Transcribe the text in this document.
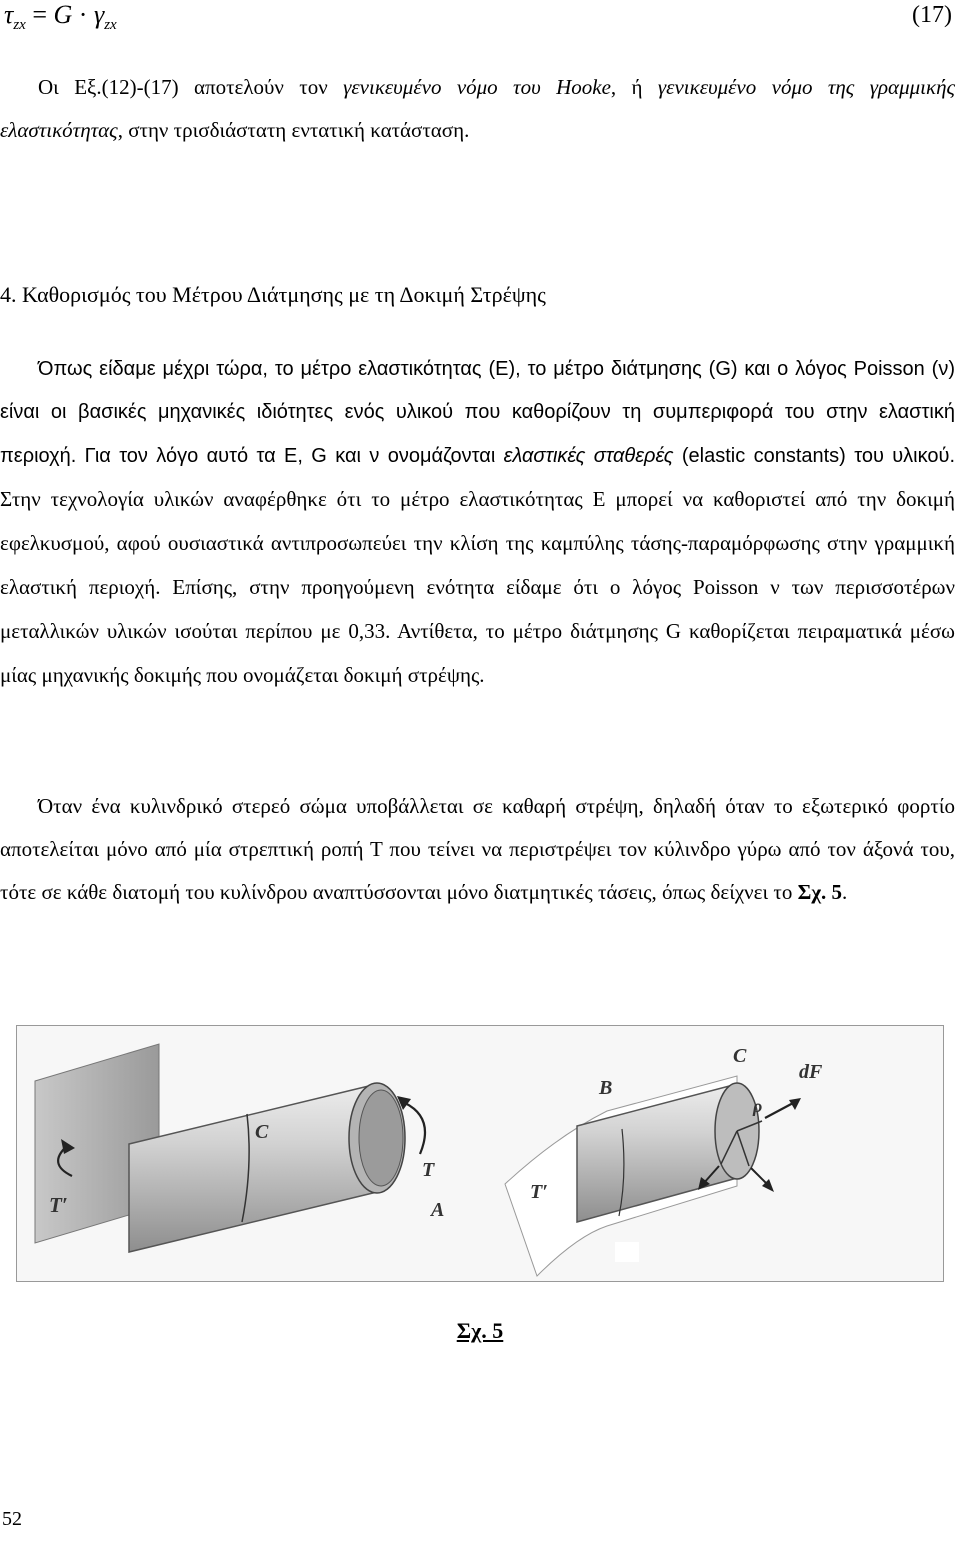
$\tau_{zx} = G \cdot \gamma_{zx}$	(17)

Οι Εξ.(12)-(17) αποτελούν τον γενικευμένο νόμο του Hooke, ή γενικευμένο νόμο της γραμμικής ελαστικότητας, στην τρισδιάστατη εντατική κατάσταση.

4. Καθορισμός του Μέτρου Διάτμησης με τη Δοκιμή Στρέψης

Όπως είδαμε μέχρι τώρα, το μέτρο ελαστικότητας (Ε), το μέτρο διάτμησης (G) και ο λόγος Poisson (ν) είναι οι βασικές μηχανικές ιδιότητες ενός υλικού που καθορίζουν τη συμπεριφορά του στην ελαστική περιοχή. Για τον λόγο αυτό τα Ε, G και ν ονομάζονται ελαστικές σταθερές (elastic constants) του υλικού. Στην τεχνολογία υλικών αναφέρθηκε ότι το μέτρο ελαστικότητας Ε μπορεί να καθοριστεί από την δοκιμή εφελκυσμού, αφού ουσιαστικά αντιπροσωπεύει την κλίση της καμπύλης τάσης-παραμόρφωσης στην γραμμική ελαστική περιοχή. Επίσης, στην προηγούμενη ενότητα είδαμε ότι ο λόγος Poisson ν των περισσοτέρων μεταλλικών υλικών ισούται περίπου με 0,33. Αντίθετα, το μέτρο διάτμησης G καθορίζεται πειραματικά μέσω μίας μηχανικής δοκιμής που ονομάζεται δοκιμή στρέψης.

Όταν ένα κυλινδρικό στερεό σώμα υποβάλλεται σε καθαρή στρέψη, δηλαδή όταν το εξωτερικό φορτίο αποτελείται μόνο από μία στρεπτική ροπή Τ που τείνει να περιστρέψει τον κύλινδρο γύρω από τον άξονά του, τότε σε κάθε διατομή του κυλίνδρου αναπτύσσονται μόνο διατμητικές τάσεις, όπως δείχνει το Σχ. 5.

T′
C
T
A
B
C
dF
ρ
T′
Σχ. 5
52
